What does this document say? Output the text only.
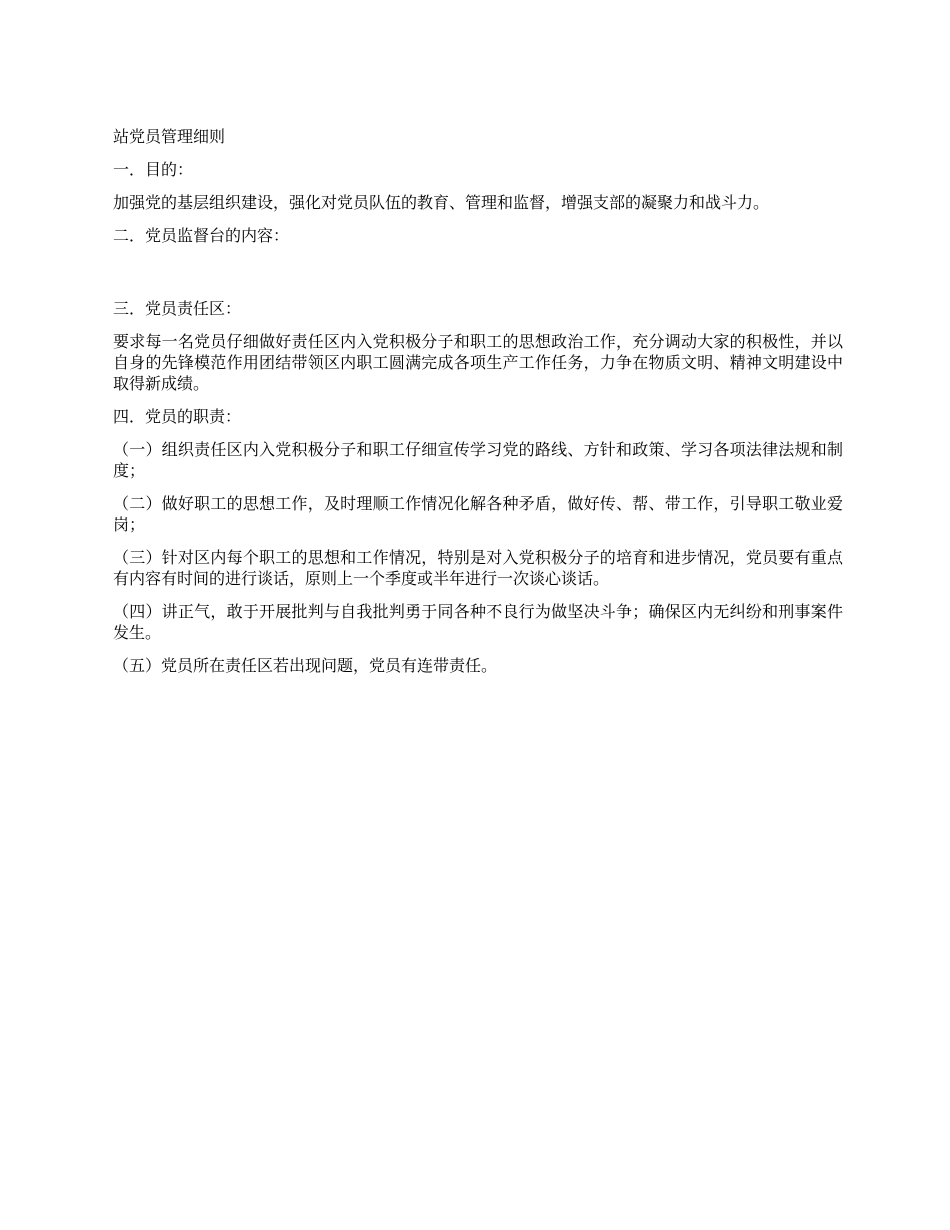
站党员管理细则

一．目的：

加强党的基层组织建设，强化对党员队伍的教育、管理和监督，增强支部的凝聚力和战斗力。

二．党员监督台的内容：

三．党员责任区：

要求每一名党员仔细做好责任区内入党积极分子和职工的思想政治工作，充分调动大家的积极性，并以自身的先锋模范作用团结带领区内职工圆满完成各项生产工作任务，力争在物质文明、精神文明建设中取得新成绩。

四．党员的职责：

（一）组织责任区内入党积极分子和职工仔细宣传学习党的路线、方针和政策、学习各项法律法规和制度；

（二）做好职工的思想工作，及时理顺工作情况化解各种矛盾，做好传、帮、带工作，引导职工敬业爱岗；

（三）针对区内每个职工的思想和工作情况，特别是对入党积极分子的培育和进步情况，党员要有重点有内容有时间的进行谈话，原则上一个季度或半年进行一次谈心谈话。

（四）讲正气，敢于开展批判与自我批判勇于同各种不良行为做坚决斗争；确保区内无纠纷和刑事案件发生。

（五）党员所在责任区若出现问题，党员有连带责任。
